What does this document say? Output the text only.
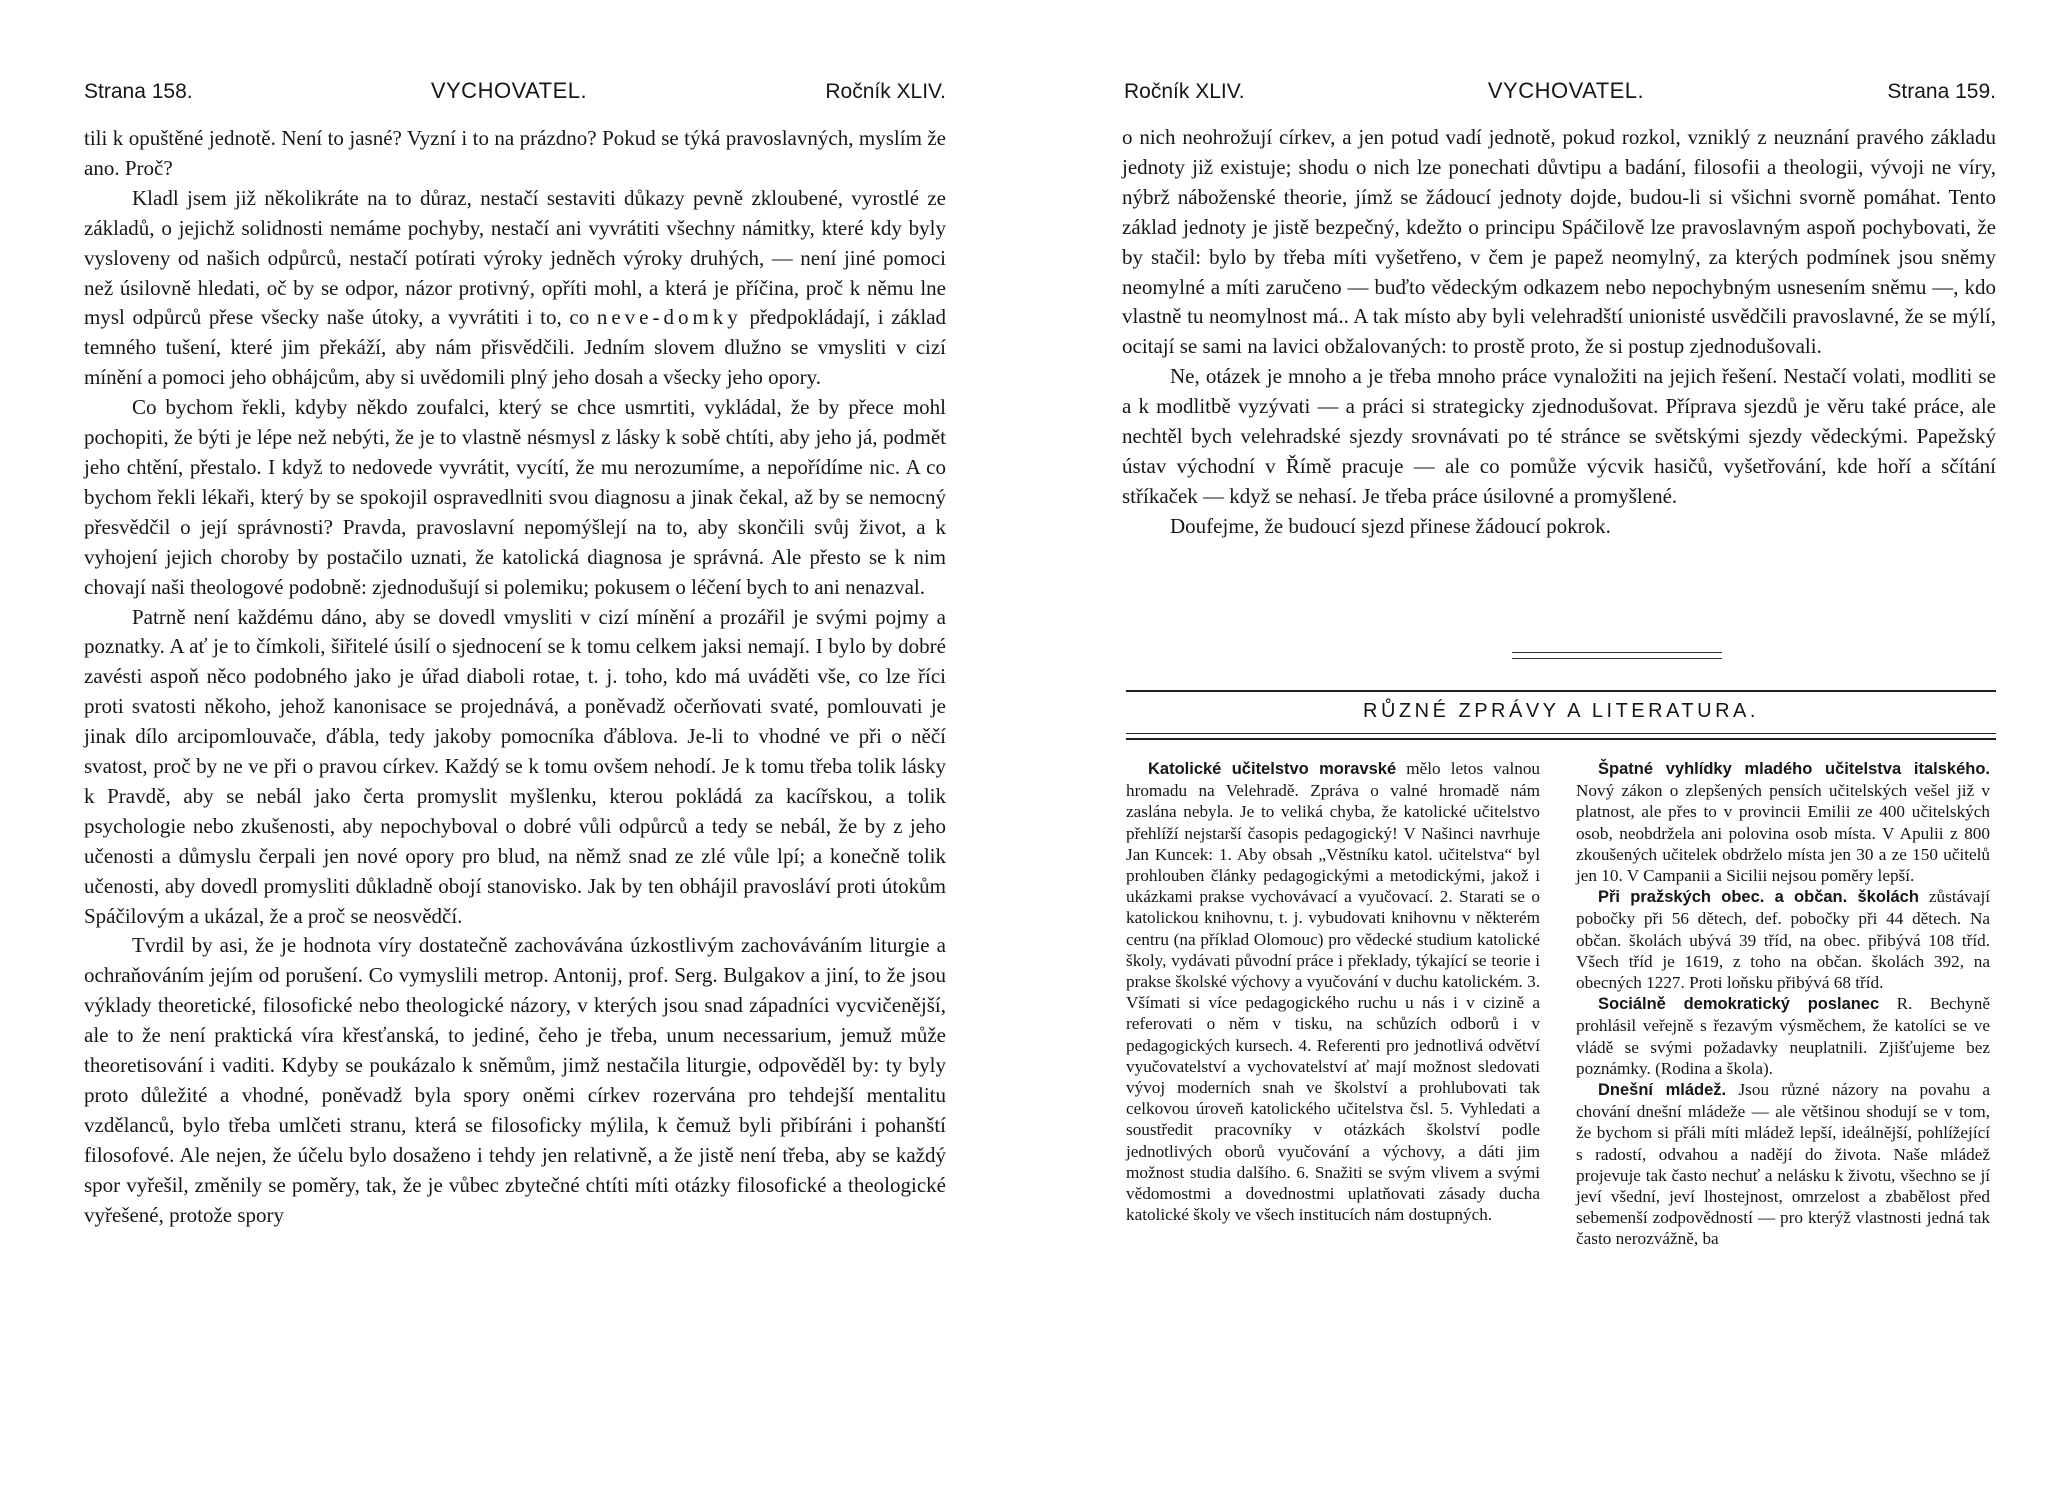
Strana 158.	VYCHOVATEL.	Ročník XLIV.

tili k opuštěné jednotě. Není to jasné? Vyzní i to na prázdno? Pokud se týká pravoslavných, myslím že ano. Proč?

Kladl jsem již několikráte na to důraz, nestačí sestaviti důkazy pevně zkloubené, vyrostlé ze základů, o jejichž solidnosti nemáme pochyby, nestačí ani vyvrátiti všechny námitky, které kdy byly vysloveny od našich odpůrců, nestačí potírati výroky jedněch výroky druhých, — není jiné pomoci než úsilovně hledati, oč by se odpor, názor protivný, opříti mohl, a která je příčina, proč k němu lne mysl odpůrců přese všecky naše útoky, a vyvrátiti i to, co neve-domky předpokládají, i základ temného tušení, které jim překáží, aby nám přisvědčili. Jedním slovem dlužno se vmysliti v cizí mínění a pomoci jeho obhájcům, aby si uvědomili plný jeho dosah a všecky jeho opory.

Co bychom řekli, kdyby někdo zoufalci, který se chce usmrtiti, vykládal, že by přece mohl pochopiti, že býti je lépe než nebýti, že je to vlastně nésmysl z lásky k sobě chtíti, aby jeho já, podmět jeho chtění, přestalo. I když to nedovede vyvrátit, vycítí, že mu nerozumíme, a nepořídíme nic. A co bychom řekli lékaři, který by se spokojil ospravedlniti svou diagnosu a jinak čekal, až by se nemocný přesvědčil o její správnosti? Pravda, pravoslavní nepomýšlejí na to, aby skončili svůj život, a k vyhojení jejich choroby by postačilo uznati, že katolická diagnosa je správná. Ale přesto se k nim chovají naši theologové podobně: zjednodušují si polemiku; pokusem o léčení bych to ani nenazval.

Patrně není každému dáno, aby se dovedl vmysliti v cizí mínění a prozářil je svými pojmy a poznatky. A ať je to čímkoli, šiřitelé úsilí o sjednocení se k tomu celkem jaksi nemají. I bylo by dobré zavésti aspoň něco podobného jako je úřad diaboli rotae, t. j. toho, kdo má uváděti vše, co lze říci proti svatosti někoho, jehož kanonisace se projednává, a poněvadž očerňovati svaté, pomlouvati je jinak dílo arcipomlouvače, ďábla, tedy jakoby pomocníka ďáblova. Je-li to vhodné ve při o něčí svatost, proč by ne ve při o pravou církev. Každý se k tomu ovšem nehodí. Je k tomu třeba tolik lásky k Pravdě, aby se nebál jako čerta promyslit myšlenku, kterou pokládá za kacířskou, a tolik psychologie nebo zkušenosti, aby nepochyboval o dobré vůli odpůrců a tedy se nebál, že by z jeho učenosti a důmyslu čerpali jen nové opory pro blud, na němž snad ze zlé vůle lpí; a konečně tolik učenosti, aby dovedl promysliti důkladně obojí stanovisko. Jak by ten obhájil pravosláví proti útokům Spáčilovým a ukázal, že a proč se neosvědčí.

Tvrdil by asi, že je hodnota víry dostatečně zachovávána úzkostlivým zachováváním liturgie a ochraňováním jejím od porušení. Co vymyslili metrop. Antonij, prof. Serg. Bulgakov a jiní, to že jsou výklady theoretické, filosofické nebo theologické názory, v kterých jsou snad západníci vycvičenější, ale to že není praktická víra křesťanská, to jediné, čeho je třeba, unum necessarium, jemuž může theoretisování i vaditi. Kdyby se poukázalo k sněmům, jimž nestačila liturgie, odpověděl by: ty byly proto důležité a vhodné, poněvadž byla spory oněmi církev rozervána pro tehdejší mentalitu vzdělanců, bylo třeba umlčeti stranu, která se filosoficky mýlila, k čemuž byli přibíráni i pohanští filosofové. Ale nejen, že účelu bylo dosaženo i tehdy jen relativně, a že jistě není třeba, aby se každý spor vyřešil, změnily se poměry, tak, že je vůbec zbytečné chtíti míti otázky filosofické a theologické vyřešené, protože spory

Ročník XLIV.	VYCHOVATEL.	Strana 159.

o nich neohrožují církev, a jen potud vadí jednotě, pokud rozkol, vzniklý z neuznání pravého základu jednoty již existuje; shodu o nich lze ponechati důvtipu a badání, filosofii a theologii, vývoji ne víry, nýbrž náboženské theorie, jímž se žádoucí jednoty dojde, budou-li si všichni svorně pomáhat. Tento základ jednoty je jistě bezpečný, kdežto o principu Spáčilově lze pravoslavným aspoň pochybovati, že by stačil: bylo by třeba míti vyšetřeno, v čem je papež neomylný, za kterých podmínek jsou sněmy neomylné a míti zaručeno — buďto vědeckým odkazem nebo nepochybným usnesením sněmu —, kdo vlastně tu neomylnost má.. A tak místo aby byli velehradští unionisté usvědčili pravoslavné, že se mýlí, ocitají se sami na lavici obžalovaných: to prostě proto, že si postup zjednodušovali.

Ne, otázek je mnoho a je třeba mnoho práce vynaložiti na jejich řešení. Nestačí volati, modliti se a k modlitbě vyzývati — a práci si strategicky zjednodušovat. Příprava sjezdů je věru také práce, ale nechtěl bych velehradské sjezdy srovnávati po té stránce se světskými sjezdy vědeckými. Papežský ústav východní v Římě pracuje — ale co pomůže výcvik hasičů, vyšetřování, kde hoří a sčítání stříkaček — když se nehasí. Je třeba práce úsilovné a promyšlené.

Doufejme, že budoucí sjezd přinese žádoucí pokrok.

RŮZNÉ ZPRÁVY A LITERATURA.

Katolické učitelstvo moravské mělo letos valnou hromadu na Velehradě. Zpráva o valné hromadě nám zaslána nebyla. Je to veliká chyba, že katolické učitelstvo přehlíží nejstarší časopis pedagogický! V Našinci navrhuje Jan Kuncek: 1. Aby obsah „Věstníku katol. učitelstva“ byl prohlouben články pedagogickými a metodickými, jakož i ukázkami prakse vychovávací a vyučovací. 2. Starati se o katolickou knihovnu, t. j. vybudovati knihovnu v některém centru (na příklad Olomouc) pro vědecké studium katolické školy, vydávati původní práce i překlady, týkající se teorie i prakse školské výchovy a vyučování v duchu katolickém. 3. Všímati si více pedagogického ruchu u nás i v cizině a referovati o něm v tisku, na schůzích odborů i v pedagogických kursech. 4. Referenti pro jednotlivá odvětví vyučovatelství a vychovatelství ať mají možnost sledovati vývoj moderních snah ve školství a prohlubovati tak celkovou úroveň katolického učitelstva čsl. 5. Vyhledati a soustředit pracovníky v otázkách školství podle jednotlivých oborů vyučování a výchovy, a dáti jim možnost studia dalšího. 6. Snažiti se svým vlivem a svými vědomostmi a dovednostmi uplatňovati zásady ducha katolické školy ve všech institucích nám dostupných.

Špatné vyhlídky mladého učitelstva italského. Nový zákon o zlepšených pensích učitelských vešel již v platnost, ale přes to v provincii Emilii ze 400 učitelských osob, neobdržela ani polovina osob místa. V Apulii z 800 zkoušených učitelek obdrželo místa jen 30 a ze 150 učitelů jen 10. V Campanii a Sicilii nejsou poměry lepší.

Při pražských obec. a občan. školách zůstávají pobočky při 56 dětech, def. pobočky při 44 dětech. Na občan. školách ubývá 39 tříd, na obec. přibývá 108 tříd. Všech tříd je 1619, z toho na občan. školách 392, na obecných 1227. Proti loňsku přibývá 68 tříd.

Sociálně demokratický poslanec R. Bechyně prohlásil veřejně s řezavým výsměchem, že katolíci se ve vládě se svými požadavky neuplatnili. Zjišťujeme bez poznámky. (Rodina a škola).

Dnešní mládež. Jsou různé názory na povahu a chování dnešní mládeže — ale většinou shodují se v tom, že bychom si přáli míti mládež lepší, ideálnější, pohlížející s radostí, odvahou a nadějí do života. Naše mládež projevuje tak často nechuť a nelásku k životu, všechno se jí jeví všední, jeví lhostejnost, omrzelost a zbabělost před sebemenší zodpovědností — pro kterýž vlastnosti jedná tak často nerozvážně, ba
